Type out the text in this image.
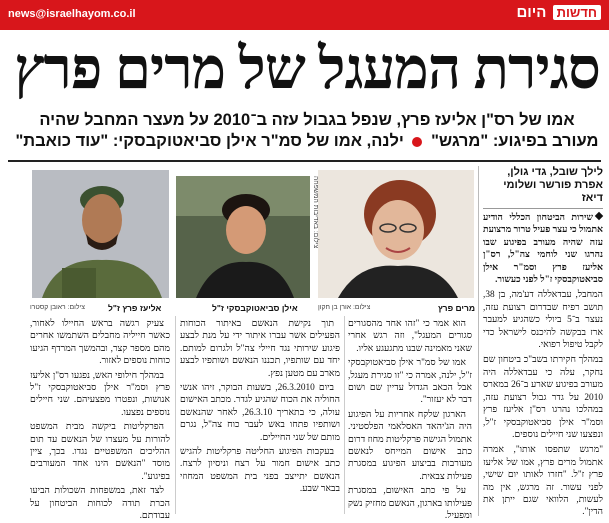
news@israelhayom.co.il	חדשות היום
סגירת המעגל של מרים פרץ
אמו של רס"ן אליעז פרץ, שנפל בגבול עזה ב־2010 על מעצר המחבל שהיה
מעורב בפיגוע: "מרגש"  ילנה, אמו של סמ"ר אילן סביאטוקבסקי: "עוד כואבת"
לילך שובל, גדי גולן, אפרת פורשר ושלומי דיאז

שירות הביטחון הכללי הודיע אתמול כי עצר פעיל טרור מרצועת עזה שהיה מעורב בפיגוע שבו נהרגו שני לוחמי צה"ל, רס"ן אליעז פרץ וסמ"ר אילן סביאטוקבסקי ז"ל לפני כעשור.

המחבל, עבדאללה דע'מה, בן 38, תושב רפיח שבדרום רצועת עזה, נעצר ב־5 ביולי כשהגיע למעבר ארז בבקשה להיכנס לישראל כדי לקבל טיפול רפואי.

במהלך חקירתו בשב"כ ביטחון שם נחקר, עלה כי עבדאללה היה מעורב בפיגוע שארע ב־26 במארס 2010 על גדר גבול רצועת עזה, במהלכו נהרגו רס"ן אליעז פרץ וסמ"ר אילן סביאטוקבסקי ז"ל, ונפצעו שני חיילים נוספים.

"מרגש שתפסו אותו", אמרה אתמול מרים פרץ, אמו של אליעז פרץ ז"ל. "חזרו לאותו יום שישי, לפני עשור. זה מרגש, אין מה לעשות, הלוואי שגם ייתן את הדין".

מרים פרץ
צילום: אורן בן חקון
צילום: באדיבות המשפחה
אילן סביאטוקבסקי ז"ל
אליעז פרץ ז"ל
צילום: ראובן קסטרו

הוא אמר כי "זהו אחד מהסגורים סגורים המעגל", וזה רגש אחרי שאני מאמינה שבנו מתגעגע אליו.

אמו של סמ"ר אילן סביאטוקבסקי ז"ל, ילנה, אמרה כי "זו סגירת מעגל, אבל הכאב הגדול עדיין שם ושום דבר לא יעזור".

הארגון שלקח אחריות על הפיגוע היה הג'יהאד האסלאמי הפלסטיני. אתמול הגישה פרקליטות מחוז דרום כתב אישום המייחס לנאשם מעורבות בביצוע הפיגוע במסגרת פעילות צבאית.

על פי כתב האישום, במסגרת פעילותו בארגון, הנאשם מחזיק נשק ומפעיל.

תוך נקישת הנאשם באיתור הכוחות הפעילים אשר עברו איתור ידי על מנת לבצע פיגוע שירותי נגד חיילי צה"ל ולגרום למותם. יחד עם שותפיו, תכננו הנאשם ושותפיו לבצע מארב עם מטען נפץ.

ביום 26.3.2010, בשעות הבוקר, זיהו אנשי החוליה את הכוח שהגיע לגדר. מכתב האישום עולה, כי בתאריך 26.3.10, לאחר שהנאשם ושותפיו פתחו באש לעבר כוח צה"ל, נגרם מותם של שני החיילים.

בעקבות הפיגוע החליטה פרקליטות להגיש כתב אישום חמור על רצח וניסיון לרצח. הנאשם יתייצב בפני בית המשפט המחוזי בבאר שבע.

צעיק רגשה בראש החיילו לאחור, כאשר חייליה מחבלים השתמשו אחרים מהם מספר קצר, ובהמשך המרדף הגיעו כוחות נוספים לאזור.

במהלך חילופי האש, נפגעו רס"ן אליעז פרץ וסמ"ר אילן סביאטוקבסקי ז"ל אנושות, ונפטרו מפצעיהם. שני חיילים נוספים נפצעו.

הפרקליטות ביקשה מבית המשפט להורות על מעצרו של הנאשם עד תום ההליכים המשפטיים נגדו. בכך, ציין מוסד "הנאשם הינו אחד המעורבים בפיגוע".

לצד זאת, במשפחות השכולות הביעו הכרת תודה לכוחות הביטחון על עבודתם.
